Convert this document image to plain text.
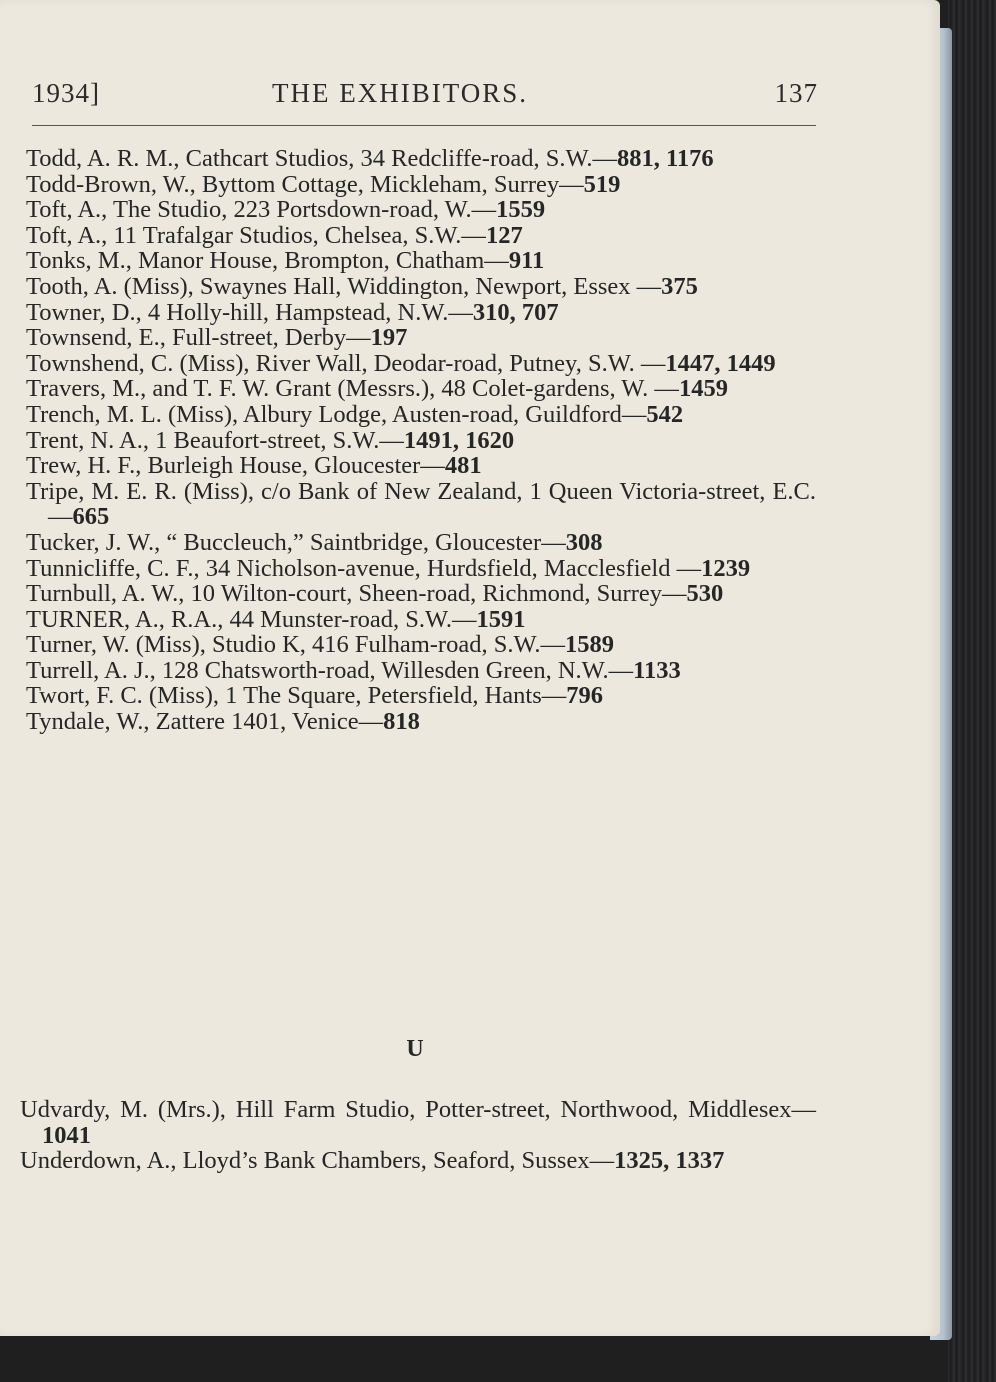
1934]	THE EXHIBITORS.	137

Todd, A. R. M., Cathcart Studios, 34 Redcliffe-road, S.W.—881, 1176

Todd-Brown, W., Byttom Cottage, Mickleham, Surrey—519

Toft, A., The Studio, 223 Portsdown-road, W.—1559

Toft, A., 11 Trafalgar Studios, Chelsea, S.W.—127

Tonks, M., Manor House, Brompton, Chatham—911

Tooth, A. (Miss), Swaynes Hall, Widdington, Newport, Essex —375

Towner, D., 4 Holly-hill, Hampstead, N.W.—310, 707

Townsend, E., Full-street, Derby—197

Townshend, C. (Miss), River Wall, Deodar-road, Putney, S.W. —1447, 1449

Travers, M., and T. F. W. Grant (Messrs.), 48 Colet-gardens, W. —1459

Trench, M. L. (Miss), Albury Lodge, Austen-road, Guildford—542

Trent, N. A., 1 Beaufort-street, S.W.—1491, 1620

Trew, H. F., Burleigh House, Gloucester—481

Tripe, M. E. R. (Miss), c/o Bank of New Zealand, 1 Queen Victoria-street, E.C.—665

Tucker, J. W., “ Buccleuch,” Saintbridge, Gloucester—308

Tunnicliffe, C. F., 34 Nicholson-avenue, Hurdsfield, Macclesfield —1239

Turnbull, A. W., 10 Wilton-court, Sheen-road, Richmond, Surrey—530

TURNER, A., R.A., 44 Munster-road, S.W.—1591

Turner, W. (Miss), Studio K, 416 Fulham-road, S.W.—1589

Turrell, A. J., 128 Chatsworth-road, Willesden Green, N.W.—1133

Twort, F. C. (Miss), 1 The Square, Petersfield, Hants—796

Tyndale, W., Zattere 1401, Venice—818

U

Udvardy, M. (Mrs.), Hill Farm Studio, Potter-street, Northwood, Middlesex—1041

Underdown, A., Lloyd’s Bank Chambers, Seaford, Sussex—1325, 1337
